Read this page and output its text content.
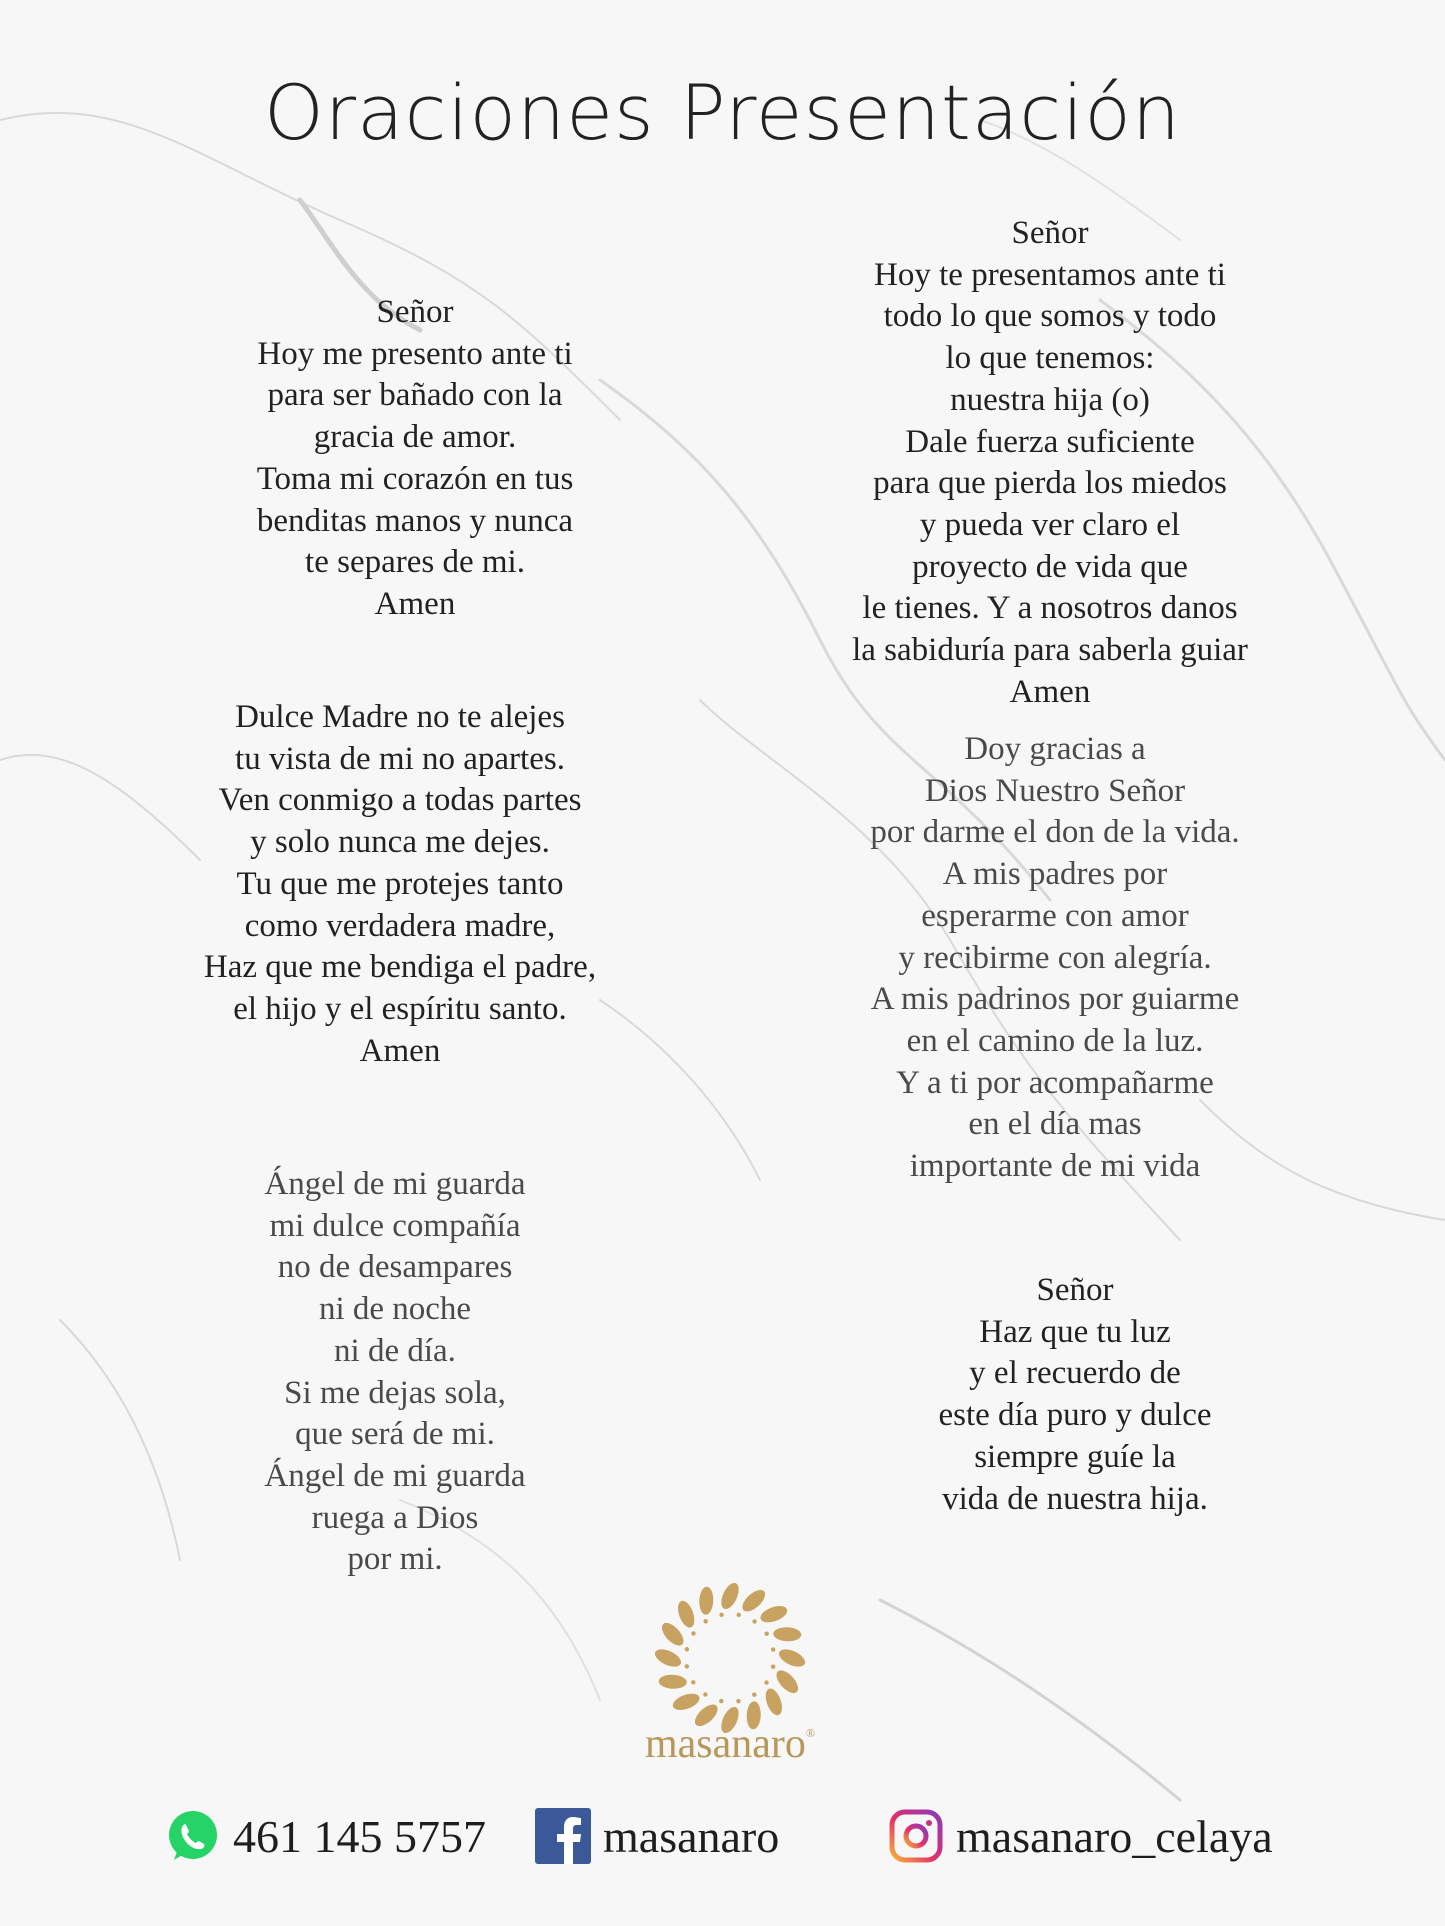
Oraciones Presentación
Señor
Hoy me presento ante ti
para ser bañado con la
gracia de amor.
Toma mi corazón en tus
benditas manos y nunca
te separes de mi.
Amen
Dulce Madre no te alejes
tu vista de mi no apartes.
Ven conmigo a todas partes
y solo nunca me dejes.
Tu que me protejes tanto
como verdadera madre,
Haz que me bendiga el padre,
el hijo y el espíritu santo.
Amen
Ángel de mi guarda
mi dulce compañía
no de desampares
ni de noche
ni de día.
Si me dejas sola,
que será de mi.
Ángel de mi guarda
ruega a Dios
por mi.
Señor
Hoy te presentamos ante ti
todo lo que somos y todo
lo que tenemos:
nuestra hija (o)
Dale fuerza suficiente
para que pierda los miedos
y pueda ver claro el
proyecto de vida que
le tienes. Y a nosotros danos
la sabiduría para saberla guiar
Amen
Doy gracias a
Dios Nuestro Señor
por darme el don de la vida.
A mis padres por
esperarme con amor
y recibirme con alegría.
A mis padrinos por guiarme
en el camino de la luz.
Y a ti por acompañarme
en el día mas
importante de mi vida
Señor
Haz que tu luz
y el recuerdo de
este día puro y dulce
siempre guíe la
vida de nuestra hija.
masanaro®
461 145 5757	masanaro	masanaro_celaya
